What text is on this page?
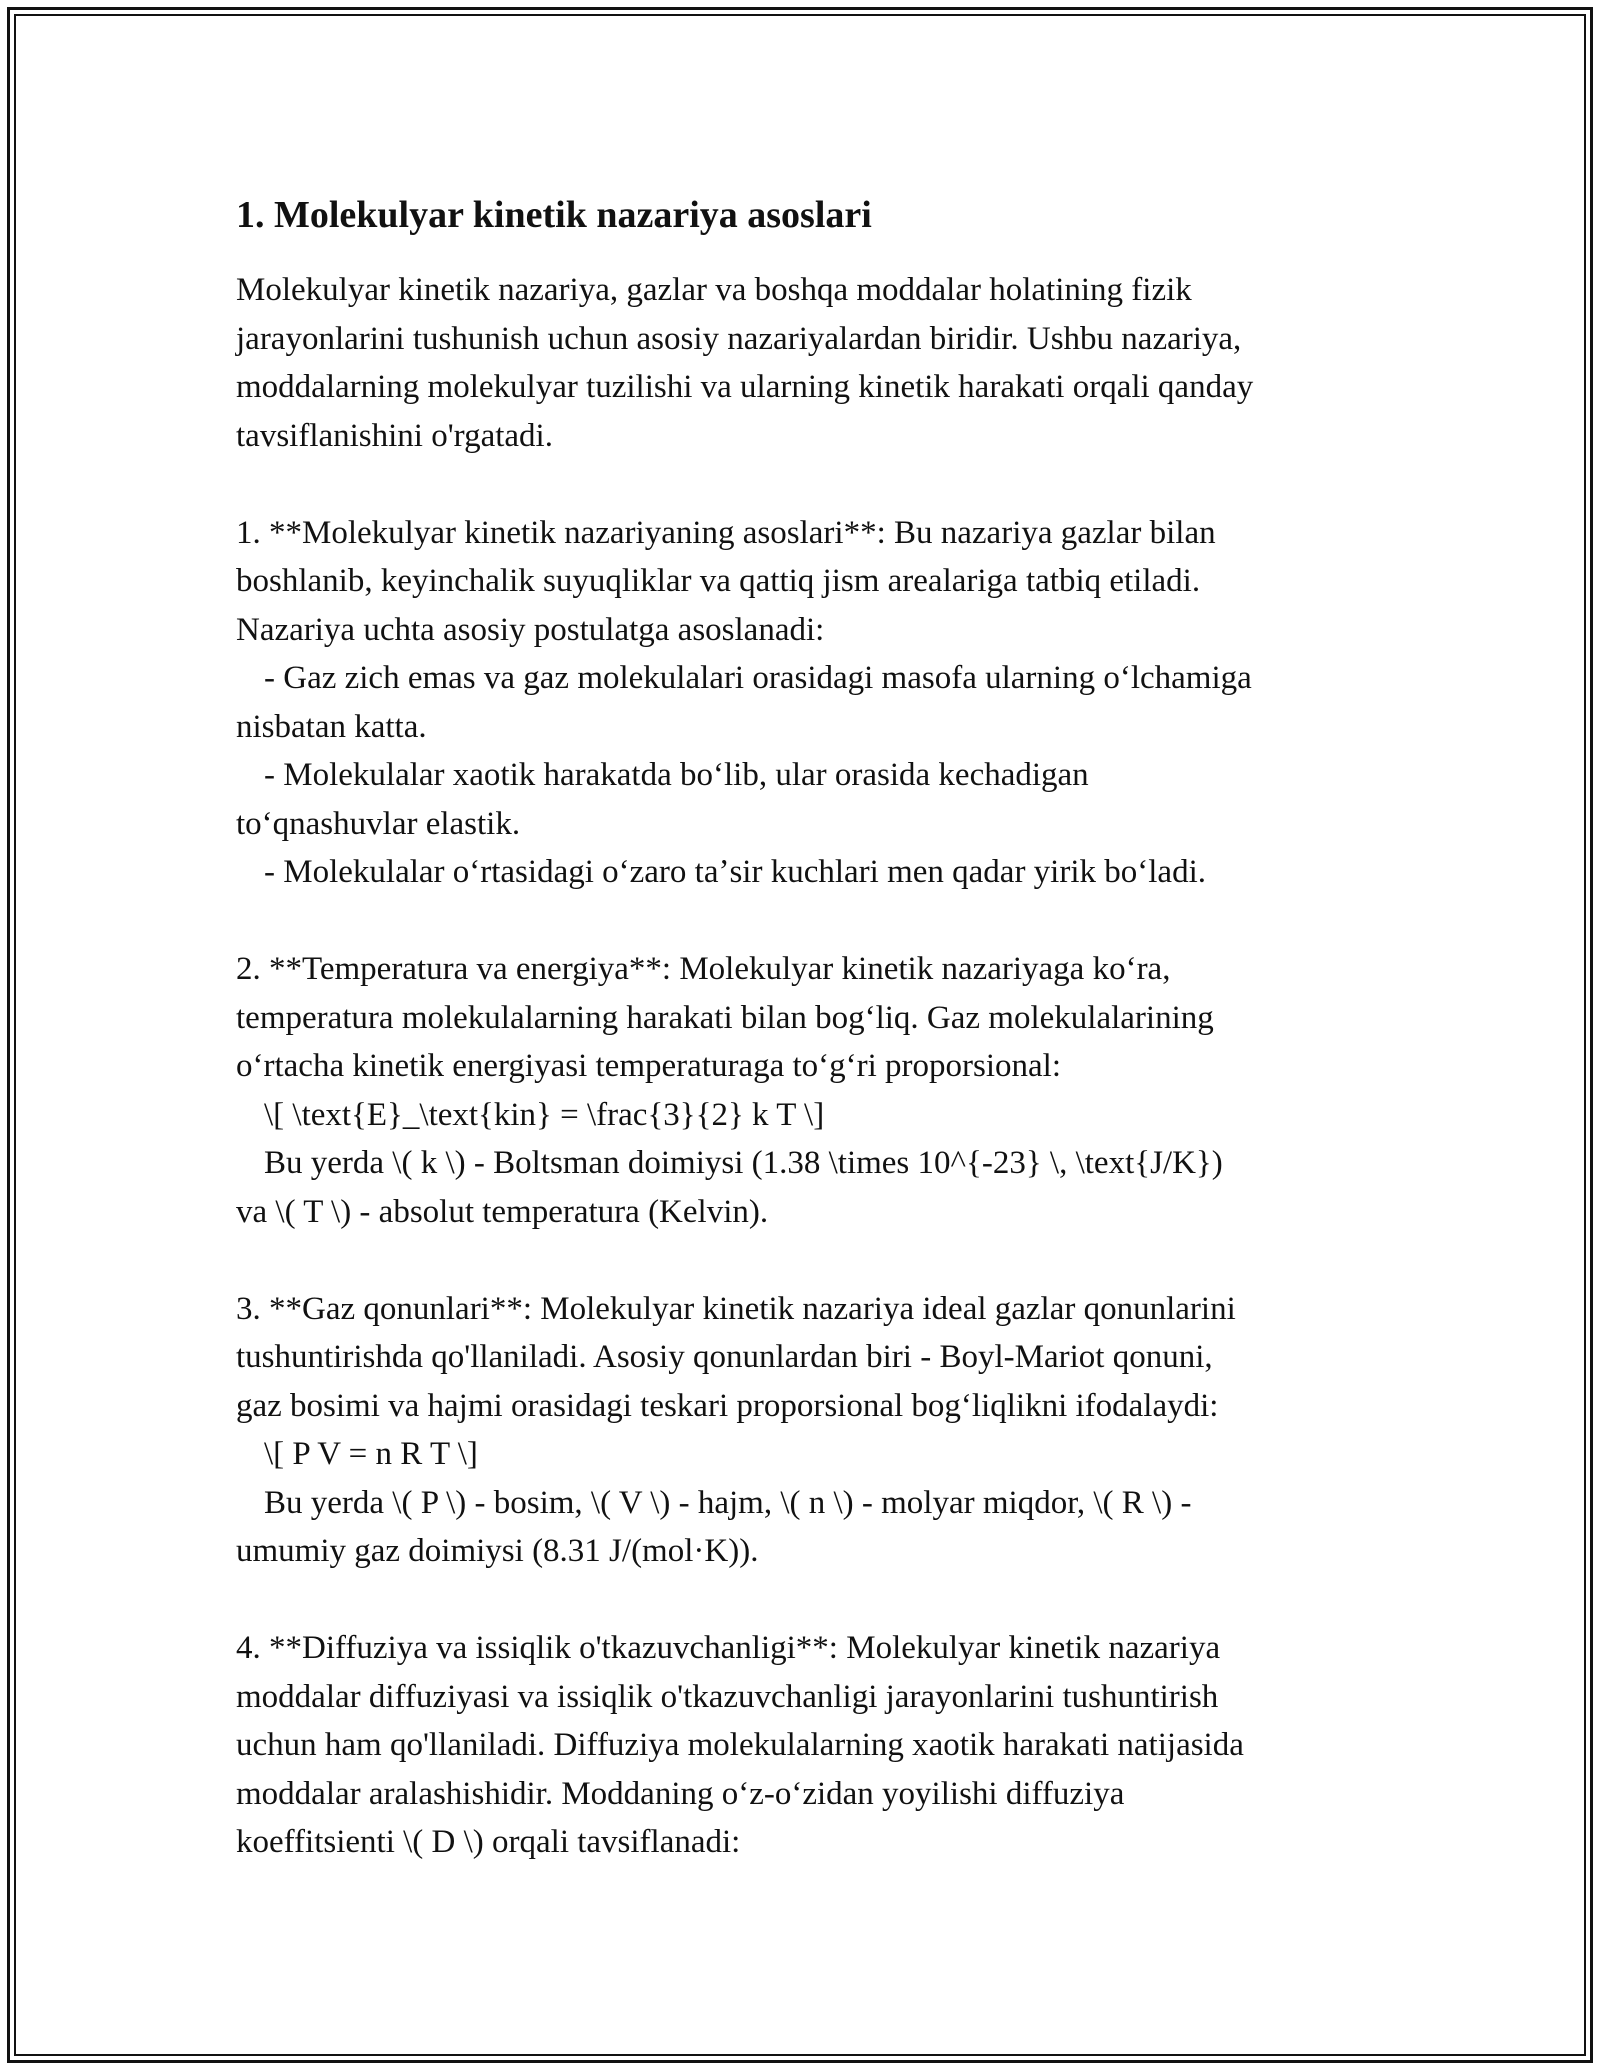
1. Molekulyar kinetik nazariya asoslari
Molekulyar kinetik nazariya, gazlar va boshqa moddalar holatining fizik
jarayonlarini tushunish uchun asosiy nazariyalardan biridir. Ushbu nazariya,
moddalarning molekulyar tuzilishi va ularning kinetik harakati orqali qanday
tavsiflanishini o'rgatadi.
1. **Molekulyar kinetik nazariyaning asoslari**: Bu nazariya gazlar bilan
boshlanib, keyinchalik suyuqliklar va qattiq jism arealariga tatbiq etiladi.
Nazariya uchta asosiy postulatga asoslanadi:
- Gaz zich emas va gaz molekulalari orasidagi masofa ularning oʻlchamiga
nisbatan katta.
- Molekulalar xaotik harakatda boʻlib, ular orasida kechadigan
toʻqnashuvlar elastik.
- Molekulalar oʻrtasidagi oʻzaro taʼsir kuchlari men qadar yirik boʻladi.
2. **Temperatura va energiya**: Molekulyar kinetik nazariyaga koʻra,
temperatura molekulalarning harakati bilan bogʻliq. Gaz molekulalarining
oʻrtacha kinetik energiyasi temperaturaga toʻgʻri proporsional:
\[ \text{E}_\text{kin} = \frac{3}{2} k T \]
Bu yerda \( k \) - Boltsman doimiysi (1.38 \times 10^{-23} \, \text{J/K})
va \( T \) - absolut temperatura (Kelvin).
3. **Gaz qonunlari**: Molekulyar kinetik nazariya ideal gazlar qonunlarini
tushuntirishda qo'llaniladi. Asosiy qonunlardan biri - Boyl-Mariot qonuni,
gaz bosimi va hajmi orasidagi teskari proporsional bogʻliqlikni ifodalaydi:
\[ P V = n R T \]
Bu yerda \( P \) - bosim, \( V \) - hajm, \( n \) - molyar miqdor, \( R \) -
umumiy gaz doimiysi (8.31 J/(mol·K)).
4. **Diffuziya va issiqlik o'tkazuvchanligi**: Molekulyar kinetik nazariya
moddalar diffuziyasi va issiqlik o'tkazuvchanligi jarayonlarini tushuntirish
uchun ham qo'llaniladi. Diffuziya molekulalarning xaotik harakati natijasida
moddalar aralashishidir. Moddaning oʻz-oʻzidan yoyilishi diffuziya
koeffitsienti \( D \) orqali tavsiflanadi:
